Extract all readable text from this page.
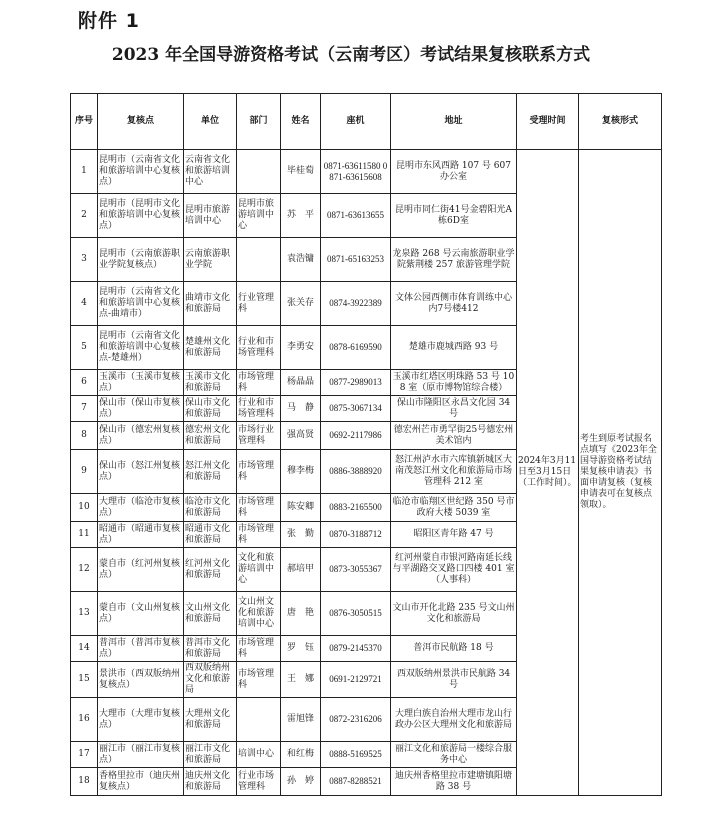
附件 1
2023 年全国导游资格考试（云南考区）考试结果复核联系方式
序号	复核点	单位	部门	姓名	座机	地址	受理时间	复核形式
1	昆明市（云南省文化和旅游培训中心复核点）	云南省文化和旅游培训中心		毕桂萄	0871-63611580 0871-63615608	昆明市东风西路 107 号 607 办公室	2024年3月11日至3月15日（工作时间）。	考生到原考试报名点填写《2023年全国导游资格考试结果复核申请表》书面申请复核（复核申请表可在复核点领取）。
2	昆明市（昆明市文化和旅游培训中心复核点）	昆明市旅游培训中心	昆明市旅游培训中心	苏　平	0871-63613655	昆明市同仁街41号金碧阳光A栋6D室		
3	昆明市（云南旅游职业学院复核点）	云南旅游职业学院		袁浩镛	0871-65163253	龙泉路 268 号云南旅游职业学院紫荆楼 257 旅游管理学院		
4	昆明市（云南省文化和旅游培训中心复核点-曲靖市）	曲靖市文化和旅游局	行业管理科	张关存	0874-3922389	文体公园西侧市体育训练中心内7号楼412		
5	昆明市（云南省文化和旅游培训中心复核点-楚雄州）	楚雄州文化和旅游局	行业和市场管理科	李勇安	0878-6169590	楚雄市鹿城西路 93 号		
6	玉溪市（玉溪市复核点）	玉溪市文化和旅游局	市场管理科	杨晶晶	0877-2989013	玉溪市红塔区明珠路 53 号 108 室（原市博物馆综合楼）		
7	保山市（保山市复核点）	保山市文化和旅游局	行业和市场管理科	马　静	0875-3067134	保山市隆阳区永昌文化园 34 号		
8	保山市（德宏州复核点）	德宏州文化和旅游局	市场行业管理科	强高贤	0692-2117986	德宏州芒市勇罕街25号德宏州美术馆内		
9	保山市（怒江州复核点）	怒江州文化和旅游局	市场管理科	穆李梅	0886-3888920	怒江州泸水市六库镇新城区大南茂怒江州文化和旅游局市场管理科 212 室		
10	大理市（临沧市复核点）	临沧市文化和旅游局	市场管理科	陈安卿	0883-2165500	临沧市临翔区世纪路 350 号市政府大楼 5039 室		
11	昭通市（昭通市复核点）	昭通市文化和旅游局	市场管理科	张　勤	0870-3188712	昭阳区青年路 47 号		
12	蒙自市（红河州复核点）	红河州文化和旅游局	文化和旅游培训中心	郝培甲	0873-3055367	红河州蒙自市银河路南延长线与平湖路交叉路口四楼 401 室（人事科）		
13	蒙自市（文山州复核点）	文山州文化和旅游局	文山州文化和旅游培训中心	唐　艳	0876-3050515	文山市开化北路 235 号文山州文化和旅游局		
14	普洱市（普洱市复核点）	普洱市文化和旅游局	市场管理科	罗　钰	0879-2145370	普洱市民航路 18 号		
15	景洪市（西双版纳州复核点）	西双版纳州文化和旅游局	市场管理科	王　娜	0691-2129721	西双版纳州景洪市民航路 34 号		
16	大理市（大理市复核点）	大理州文化和旅游局		雷旭锋	0872-2316206	大理白族自治州大理市龙山行政办公区大理州文化和旅游局		
17	丽江市（丽江市复核点）	丽江市文化和旅游局	培训中心	和红梅	0888-5169525	丽江文化和旅游局一楼综合服务中心		
18	香格里拉市（迪庆州复核点）	迪庆州文化和旅游局	行业市场管理科	孙　婷	0887-8288521	迪庆州香格里拉市建塘镇阳塘路 38 号		
